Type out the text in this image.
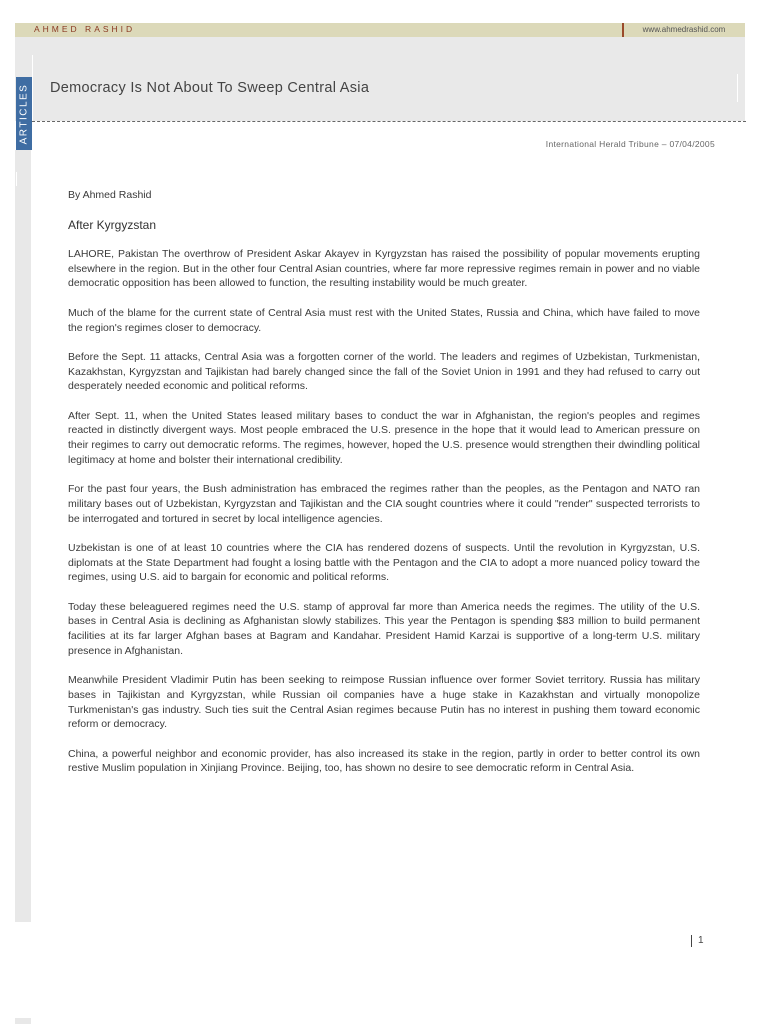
AHMED RASHID	www.ahmedrashid.com
ARTICLES Democracy Is Not About To Sweep Central Asia
International Herald Tribune – 07/04/2005
By Ahmed Rashid
After Kyrgyzstan

LAHORE, Pakistan The overthrow of President Askar Akayev in Kyrgyzstan has raised the possibility of popular movements erupting elsewhere in the region. But in the other four Central Asian countries, where far more repressive regimes remain in power and no viable democratic opposition has been allowed to function, the resulting instability would be much greater.

Much of the blame for the current state of Central Asia must rest with the United States, Russia and China, which have failed to move the region's regimes closer to democracy.

Before the Sept. 11 attacks, Central Asia was a forgotten corner of the world. The leaders and regimes of Uzbekistan, Turkmenistan, Kazakhstan, Kyrgyzstan and Tajikistan had barely changed since the fall of the Soviet Union in 1991 and they had refused to carry out desperately needed economic and political reforms.

After Sept. 11, when the United States leased military bases to conduct the war in Afghanistan, the region's peoples and regimes reacted in distinctly divergent ways. Most people embraced the U.S. presence in the hope that it would lead to American pressure on their regimes to carry out democratic reforms. The regimes, however, hoped the U.S. presence would strengthen their dwindling political legitimacy at home and bolster their international credibility.

For the past four years, the Bush administration has embraced the regimes rather than the peoples, as the Pentagon and NATO ran military bases out of Uzbekistan, Kyrgyzstan and Tajikistan and the CIA sought countries where it could "render" suspected terrorists to be interrogated and tortured in secret by local intelligence agencies.

Uzbekistan is one of at least 10 countries where the CIA has rendered dozens of suspects. Until the revolution in Kyrgyzstan, U.S. diplomats at the State Department had fought a losing battle with the Pentagon and the CIA to adopt a more nuanced policy toward the regimes, using U.S. aid to bargain for economic and political reforms.

Today these beleaguered regimes need the U.S. stamp of approval far more than America needs the regimes. The utility of the U.S. bases in Central Asia is declining as Afghanistan slowly stabilizes. This year the Pentagon is spending $83 million to build permanent facilities at its far larger Afghan bases at Bagram and Kandahar. President Hamid Karzai is supportive of a long-term U.S. military presence in Afghanistan.

Meanwhile President Vladimir Putin has been seeking to reimpose Russian influence over former Soviet territory. Russia has military bases in Tajikistan and Kyrgyzstan, while Russian oil companies have a huge stake in Kazakhstan and virtually monopolize Turkmenistan's gas industry. Such ties suit the Central Asian regimes because Putin has no interest in pushing them toward economic reform or democracy.

China, a powerful neighbor and economic provider, has also increased its stake in the region, partly in order to better control its own restive Muslim population in Xinjiang Province. Beijing, too, has shown no desire to see democratic reform in Central Asia.

1
